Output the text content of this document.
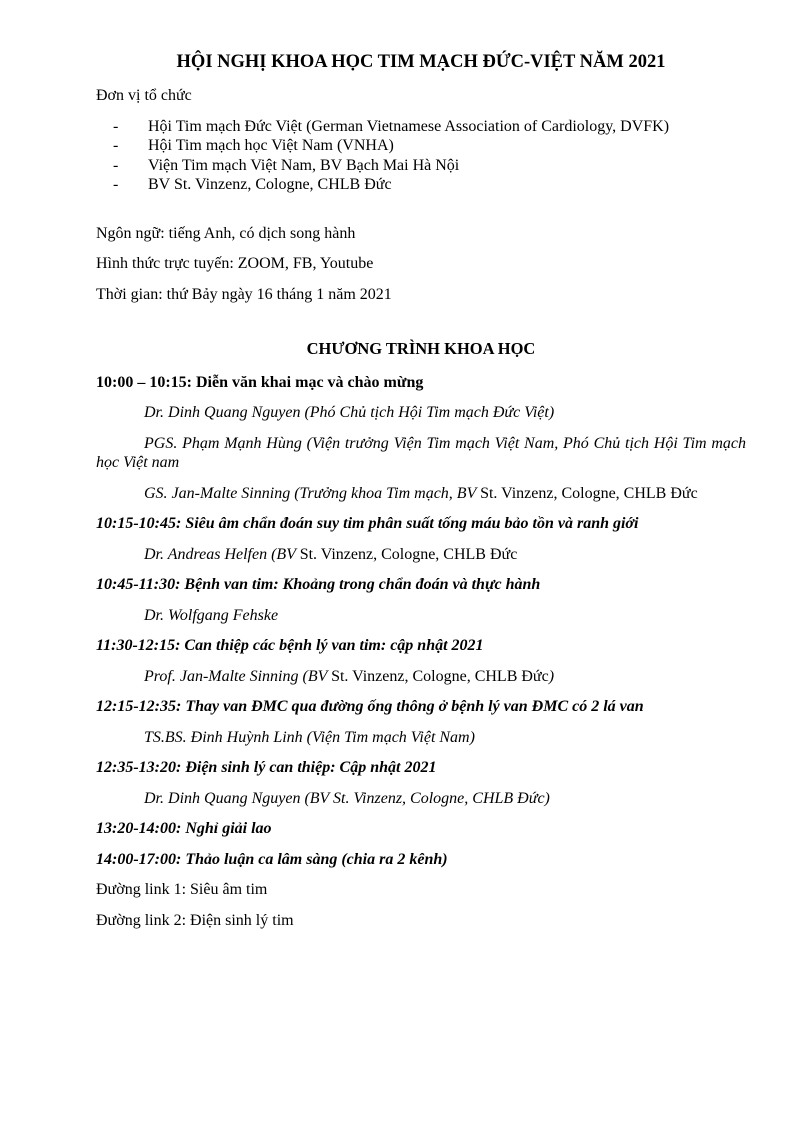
HỘI NGHỊ KHOA HỌC TIM MẠCH ĐỨC-VIỆT NĂM 2021

Đơn vị tổ chức

- Hội Tim mạch Đức Việt (German Vietnamese Association of Cardiology, DVFK)
- Hội Tim mạch học Việt Nam (VNHA)
- Viện Tim mạch Việt Nam, BV Bạch Mai Hà Nội
- BV St. Vinzenz, Cologne, CHLB Đức

Ngôn ngữ: tiếng Anh, có dịch song hành

Hình thức trực tuyến: ZOOM, FB, Youtube

Thời gian: thứ Bảy ngày 16 tháng 1 năm 2021

CHƯƠNG TRÌNH KHOA HỌC

10:00 – 10:15: Diễn văn khai mạc và chào mừng

Dr. Dinh Quang Nguyen (Phó Chủ tịch Hội Tim mạch Đức Việt)

PGS. Phạm Mạnh Hùng (Viện trưởng Viện Tim mạch Việt Nam, Phó Chủ tịch Hội Tim mạch học Việt nam

GS. Jan-Malte Sinning (Trưởng khoa Tim mạch, BV St. Vinzenz, Cologne, CHLB Đức

10:15-10:45: Siêu âm chẩn đoán suy tim phân suất tống máu bảo tồn và ranh giới

Dr. Andreas Helfen (BV St. Vinzenz, Cologne, CHLB Đức

10:45-11:30: Bệnh van tim: Khoảng trong chẩn đoán và thực hành

Dr. Wolfgang Fehske

11:30-12:15: Can thiệp các bệnh lý van tim: cập nhật 2021

Prof. Jan-Malte Sinning (BV St. Vinzenz, Cologne, CHLB Đức)

12:15-12:35: Thay van ĐMC qua đường ống thông ở bệnh lý van ĐMC có 2 lá van

TS.BS. Đinh Huỳnh Linh (Viện Tim mạch Việt Nam)

12:35-13:20: Điện sinh lý can thiệp: Cập nhật 2021

Dr. Dinh Quang Nguyen (BV St. Vinzenz, Cologne, CHLB Đức)

13:20-14:00: Nghỉ giải lao

14:00-17:00: Thảo luận ca lâm sàng (chia ra 2 kênh)

Đường link 1: Siêu âm tim

Đường link 2: Điện sinh lý tim
